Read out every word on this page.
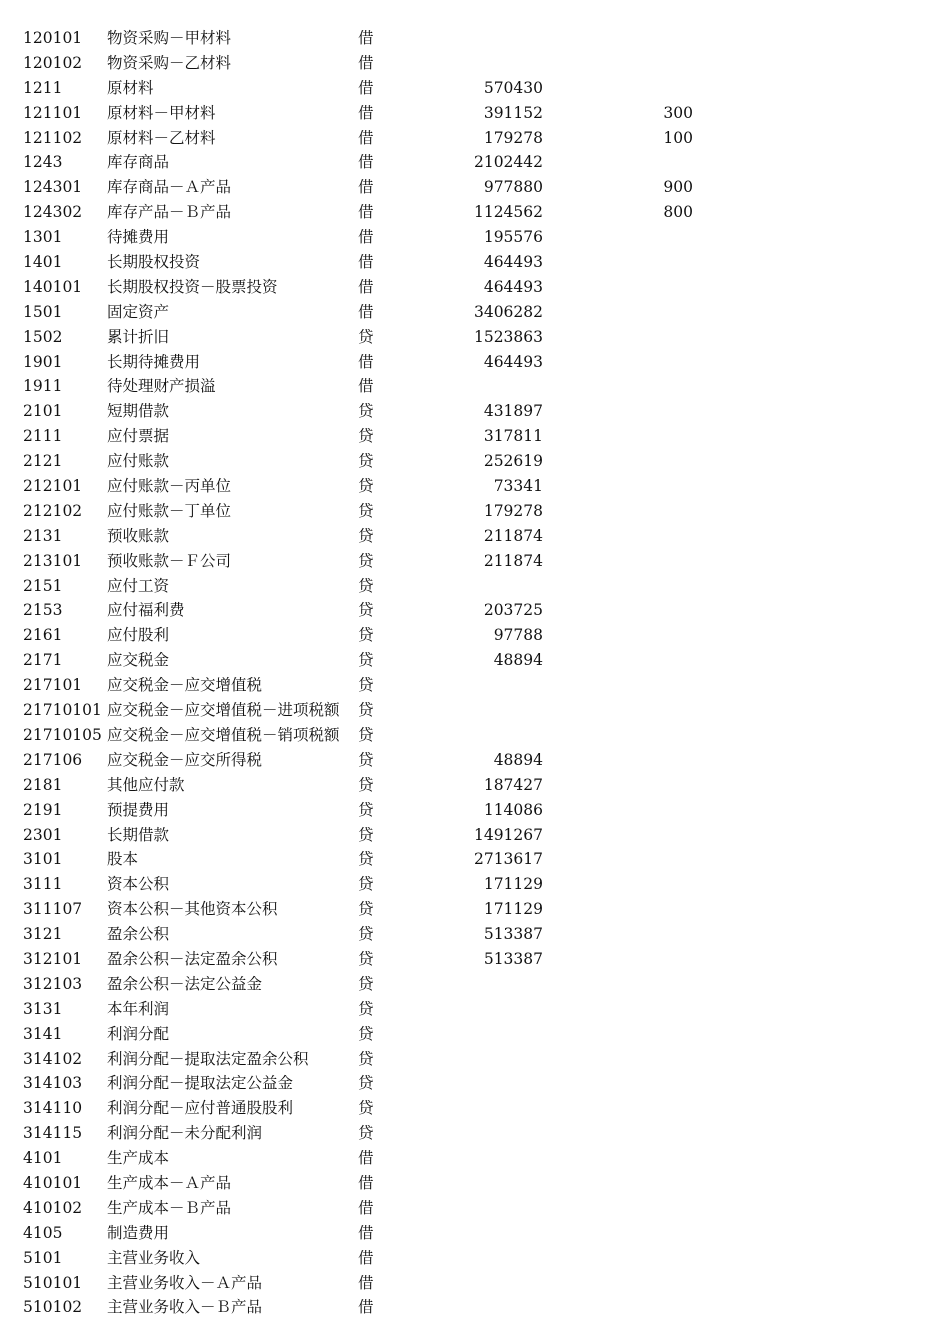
120101 物资采购－甲材料	借
120102 物资采购－乙材料	借
1211	原材料	借	570430
121101 原材料－甲材料	借	391152	300
121102 原材料－乙材料	借	179278	100
1243	库存商品	借	2102442
124301 库存商品－Ａ产品	借	977880	900
124302 库存产品－Ｂ产品	借	1124562	800
1301	待摊费用	借	195576
1401	长期股权投资	借	464493
140101 长期股权投资－股票投资	借	464493
1501	固定资产	借	3406282
1502	累计折旧	贷	1523863
1901	长期待摊费用	借	464493
1911	待处理财产损溢	借
2101	短期借款	贷	431897
2111	应付票据	贷	317811
2121	应付账款	贷	252619
212101 应付账款－丙单位	贷	73341
212102 应付账款－丁单位	贷	179278
2131	预收账款	贷	211874
213101 预收账款－Ｆ公司	贷	211874
2151	应付工资	贷
2153	应付福利费	贷	203725
2161	应付股利	贷	97788
2171	应交税金	贷	48894
217101 应交税金－应交增值税	贷
21710101 应交税金－应交增值税－进项税额 贷
21710105 应交税金－应交增值税－销项税额 贷
217106 应交税金－应交所得税	贷	48894
2181	其他应付款	贷	187427
2191	预提费用	贷	114086
2301	长期借款	贷	1491267
3101	股本	贷	2713617
3111	资本公积	贷	171129
311107 资本公积－其他资本公积	贷	171129
3121	盈余公积	贷	513387
312101 盈余公积－法定盈余公积	贷	513387
312103 盈余公积－法定公益金	贷
3131	本年利润	贷
3141	利润分配	贷
314102 利润分配－提取法定盈余公积	贷
314103 利润分配－提取法定公益金	贷
314110 利润分配－应付普通股股利	贷
314115 利润分配－未分配利润	贷
4101	生产成本	借
410101 生产成本－Ａ产品	借
410102 生产成本－Ｂ产品	借
4105	制造费用	借
5101	主营业务收入	借
510101 主营业务收入－Ａ产品	借
510102 主营业务收入－Ｂ产品	借
